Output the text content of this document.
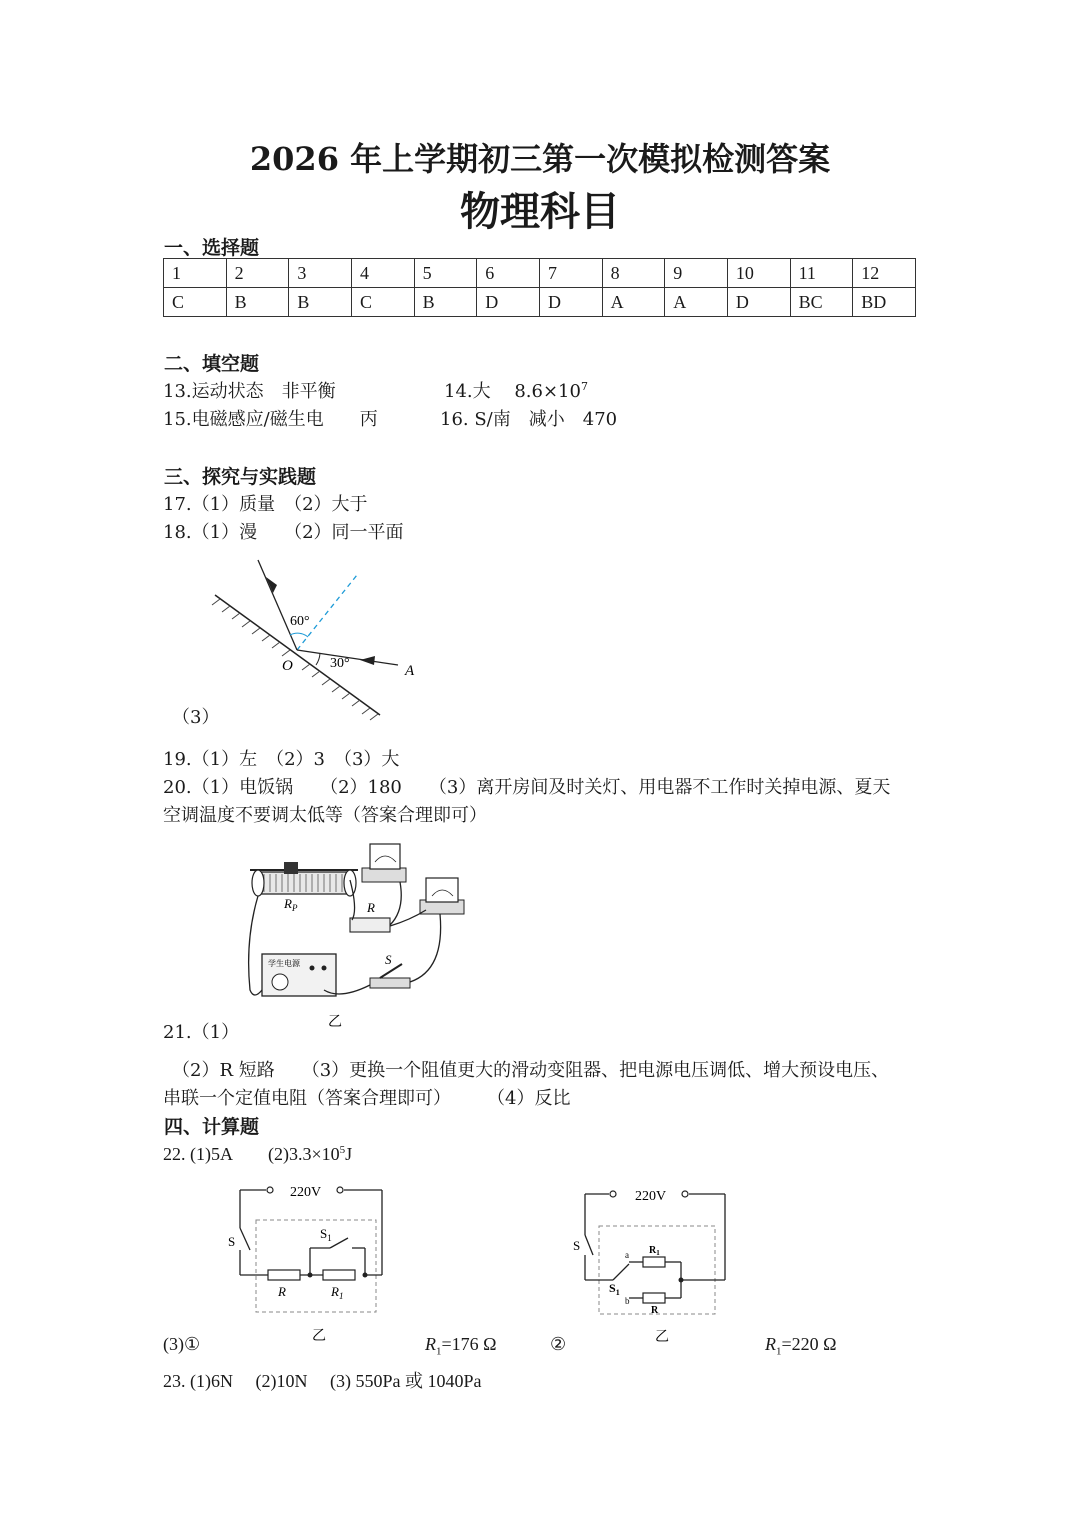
2026 年上学期初三第一次模拟检测答案
物理科目
一、选择题
1	2	3	4	5	6	7	8	9	10	11	12
C	B	B	C	B	D	D	A	A	D	BC	BD
二、填空题
13.运动状态　非平衡	14.大　 $8.6\times 10^7$
15.电磁感应/磁生电　　丙	16. S/南　减小　470
三、探究与实践题
17.（1）质量　（2）大于
18.（1）漫　　（2）同一平面
60°
30°
O	A
（3）
19.（1）左　（2）3　（3）大
20.（1）电饭锅　　（2）180　　（3）离开房间及时关灯、用电器不工作时关掉电源、夏天
空调温度不要调太低等（答案合理即可）
$R_P$	R
学生电源	S
乙
21.（1）
（2）R 短路　　（3）更换一个阻值更大的滑动变阻器、把电源电压调低、增大预设电压、
串联一个定值电阻（答案合理即可）　　　（4）反比
四、计算题
22. (1)5A　　$(2)3.3\times 10^5J$
220V
S
$S_1$
R	$R_1$
乙
220V
S
$S_1$
a
b
$R_1$
R
乙
(3)①	$R_1=176$ Ω	②	$R_1=220$ Ω
23. (1)6N　 (2)10N　 (3) 550Pa 或 1040Pa
